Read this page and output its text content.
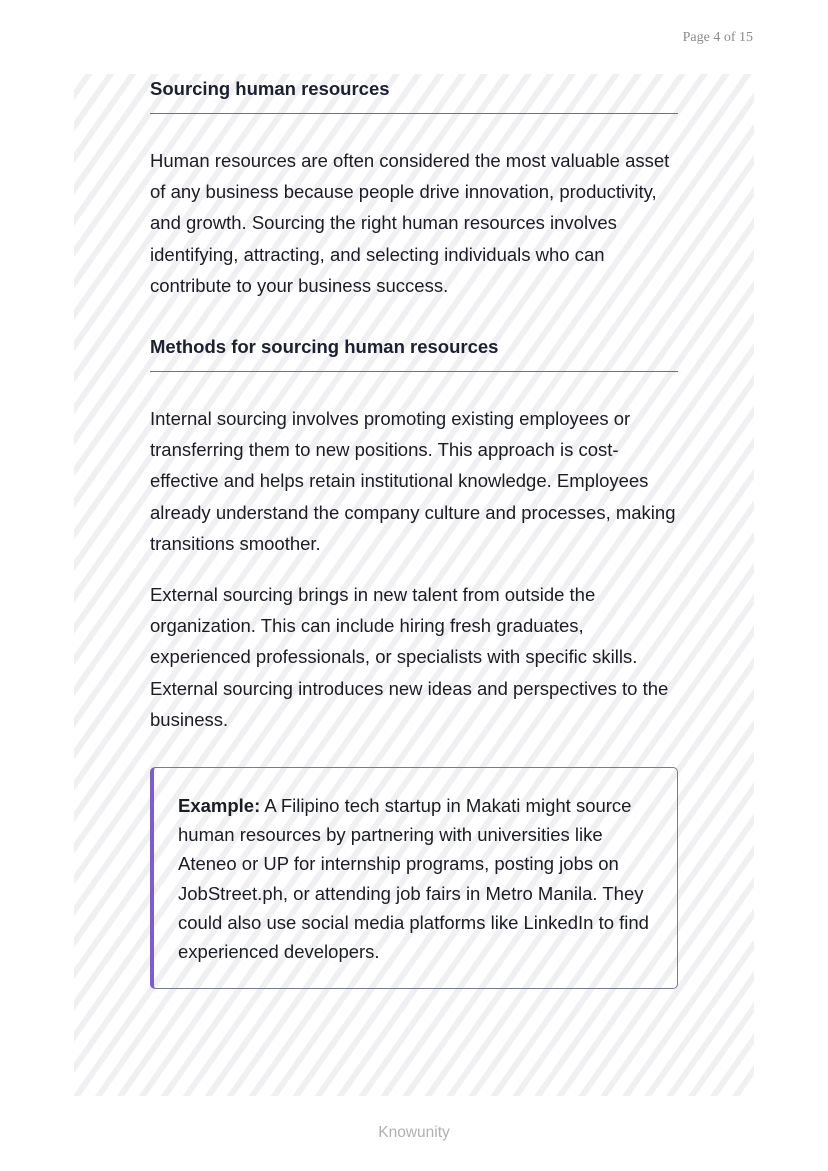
Page 4 of 15
Sourcing human resources
Human resources are often considered the most valuable asset of any business because people drive innovation, productivity, and growth. Sourcing the right human resources involves identifying, attracting, and selecting individuals who can contribute to your business success.
Methods for sourcing human resources
Internal sourcing involves promoting existing employees or transferring them to new positions. This approach is cost-effective and helps retain institutional knowledge. Employees already understand the company culture and processes, making transitions smoother.
External sourcing brings in new talent from outside the organization. This can include hiring fresh graduates, experienced professionals, or specialists with specific skills. External sourcing introduces new ideas and perspectives to the business.
Example: A Filipino tech startup in Makati might source human resources by partnering with universities like Ateneo or UP for internship programs, posting jobs on JobStreet.ph, or attending job fairs in Metro Manila. They could also use social media platforms like LinkedIn to find experienced developers.
Knowunity
